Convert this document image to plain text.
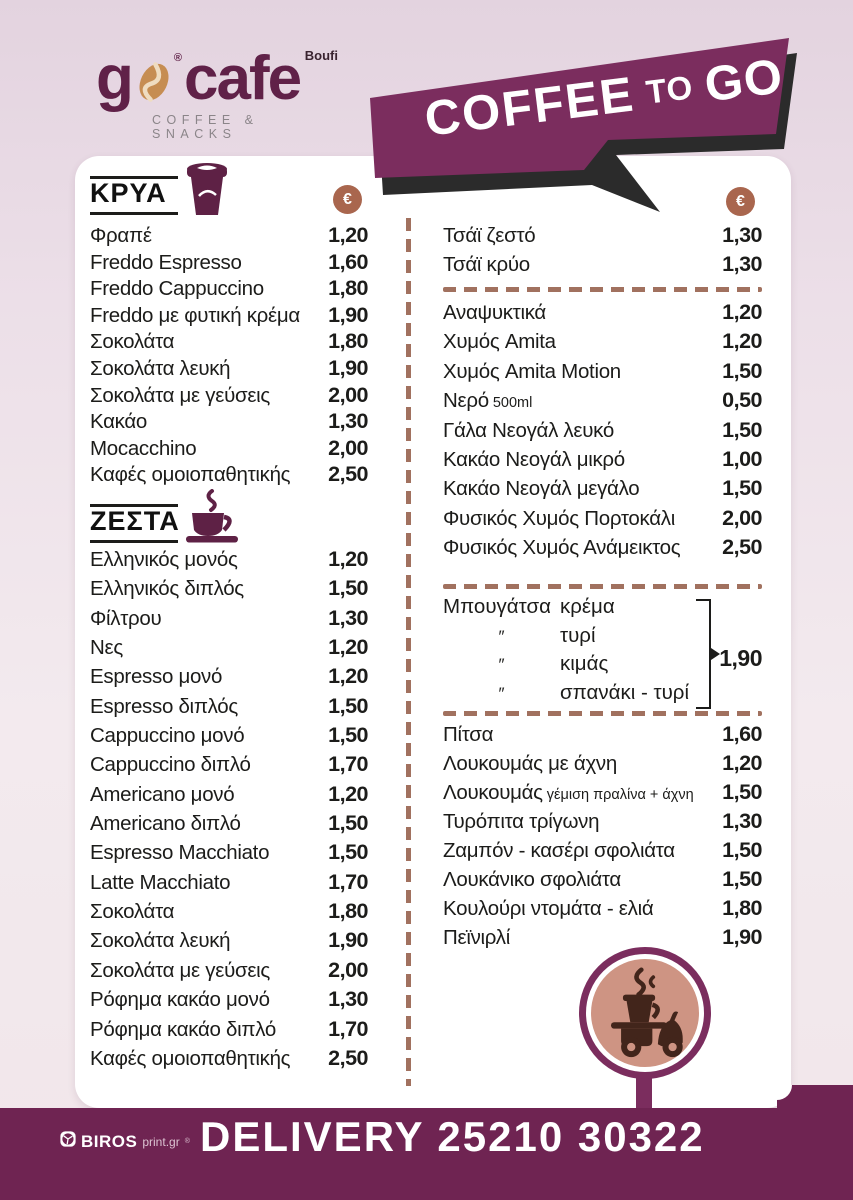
Boufi
g	® cafe
COFFEE & SNACKS	COFFEE TO GO
ΚΡΥΑ	€
Φραπέ	1,20
Freddo Espresso	1,60
Freddo Cappuccino	1,80
Freddo με φυτική κρέμα 1,90
Σοκολάτα	1,80
Σοκολάτα λευκή	1,90
Σοκολάτα με γεύσεις	2,00
Κακάο	1,30
Mocacchino	2,00
Καφές ομοιοπαθητικής 2,50
ΖΕΣΤΑ
Ελληνικός μονός	1,20
Ελληνικός διπλός	1,50
Φίλτρου	1,30
Νες	1,20
Espresso μονό	1,20
Espresso διπλός	1,50
Cappuccino μονό	1,50
Cappuccino διπλό	1,70
Americano μονό	1,20
Americano διπλό	1,50
Espresso Macchiato	1,50
Latte Macchiato	1,70
Σοκολάτα	1,80
Σοκολάτα λευκή	1,90
Σοκολάτα με γεύσεις	2,00
Ρόφημα κακάο μονό	1,30
Ρόφημα κακάο διπλό 1,70
Καφές ομοιοπαθητικής 2,50
€
Τσάϊ ζεστό	1,30
Τσάϊ κρύο	1,30
Αναψυκτικά	1,20
Χυμός Amita	1,20
Χυμός Amita Motion	1,50
Νερό 500ml	0,50
Γάλα Νεογάλ λευκό	1,50
Κακάο Νεογάλ μικρό	1,00
Κακάο Νεογάλ μεγάλο	1,50
Φυσικός Χυμός Πορτοκάλι 2,00
Φυσικός Χυμός Ανάμεικτος 2,50
Μπουγάτσα κρέμα
″	τυρί
″	κιμάς
″	σπανάκι - τυρί
1,90
Πίτσα	1,60
Λουκουμάς με άχνη	1,20
Λουκουμάς γέμιση πραλίνα + άχνη 1,50
Τυρόπιτα τρίγωνη	1,30
Ζαμπόν - κασέρι σφολιάτα 1,50
Λουκάνικο σφολιάτα	1,50
Κουλούρι ντομάτα - ελιά	1,80
Πεϊνιρλί	1,90
DELIVERY 25210 30322
BIROS print.gr ®
